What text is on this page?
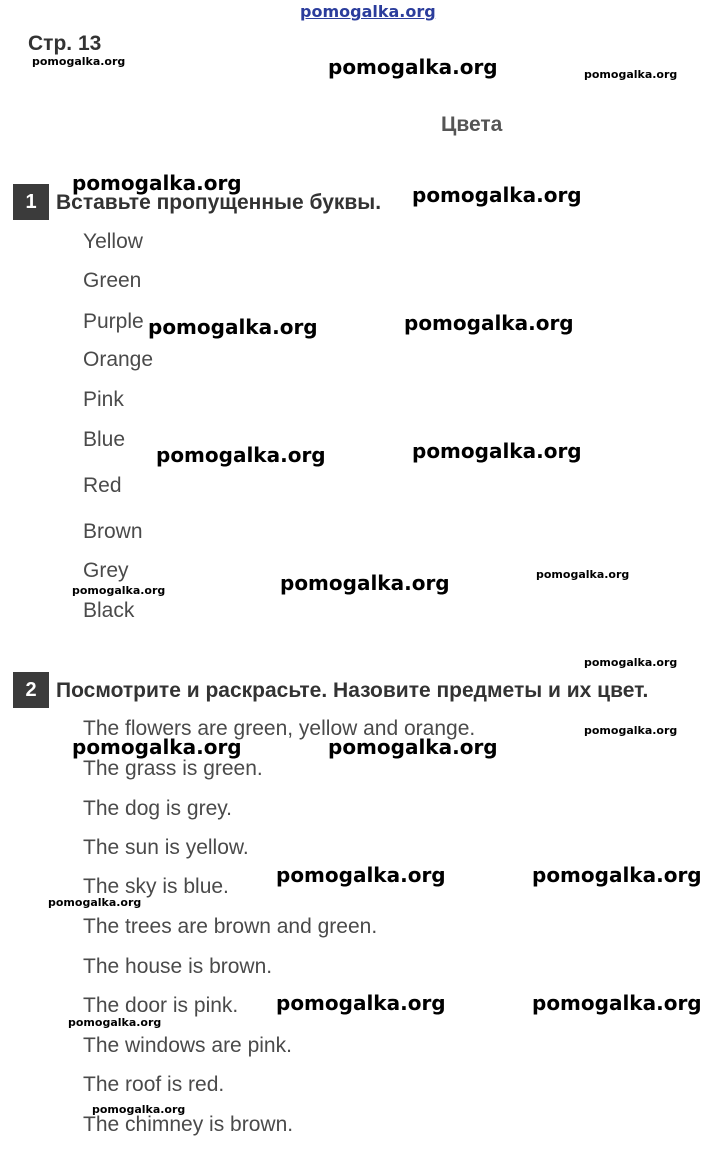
pomogalka.org
Стр. 13
Цвета
1 Вставьте пропущенные буквы.
Yellow
Green
Purple
Orange
Pink
Blue
Red
Brown
Grey
Black
2 Посмотрите и раскрасьте. Назовите предметы и их цвет.
The flowers are green, yellow and orange.
The grass is green.
The dog is grey.
The sun is yellow.
The sky is blue.
The trees are brown and green.
The house is brown.
The door is pink.
The windows are pink.
The roof is red.
The chimney is brown.
pomogalka.org	pomogalka.org	pomogalka.org
pomogalka.org	pomogalka.org
pomogalka.org	pomogalka.org
pomogalka.org	pomogalka.org
pomogalka.org	pomogalka.org
pomogalka.org
pomogalka.org
pomogalka.org
pomogalka.org	pomogalka.org
pomogalka.org	pomogalka.org
pomogalka.org
pomogalka.org	pomogalka.org
pomogalka.org
pomogalka.org
